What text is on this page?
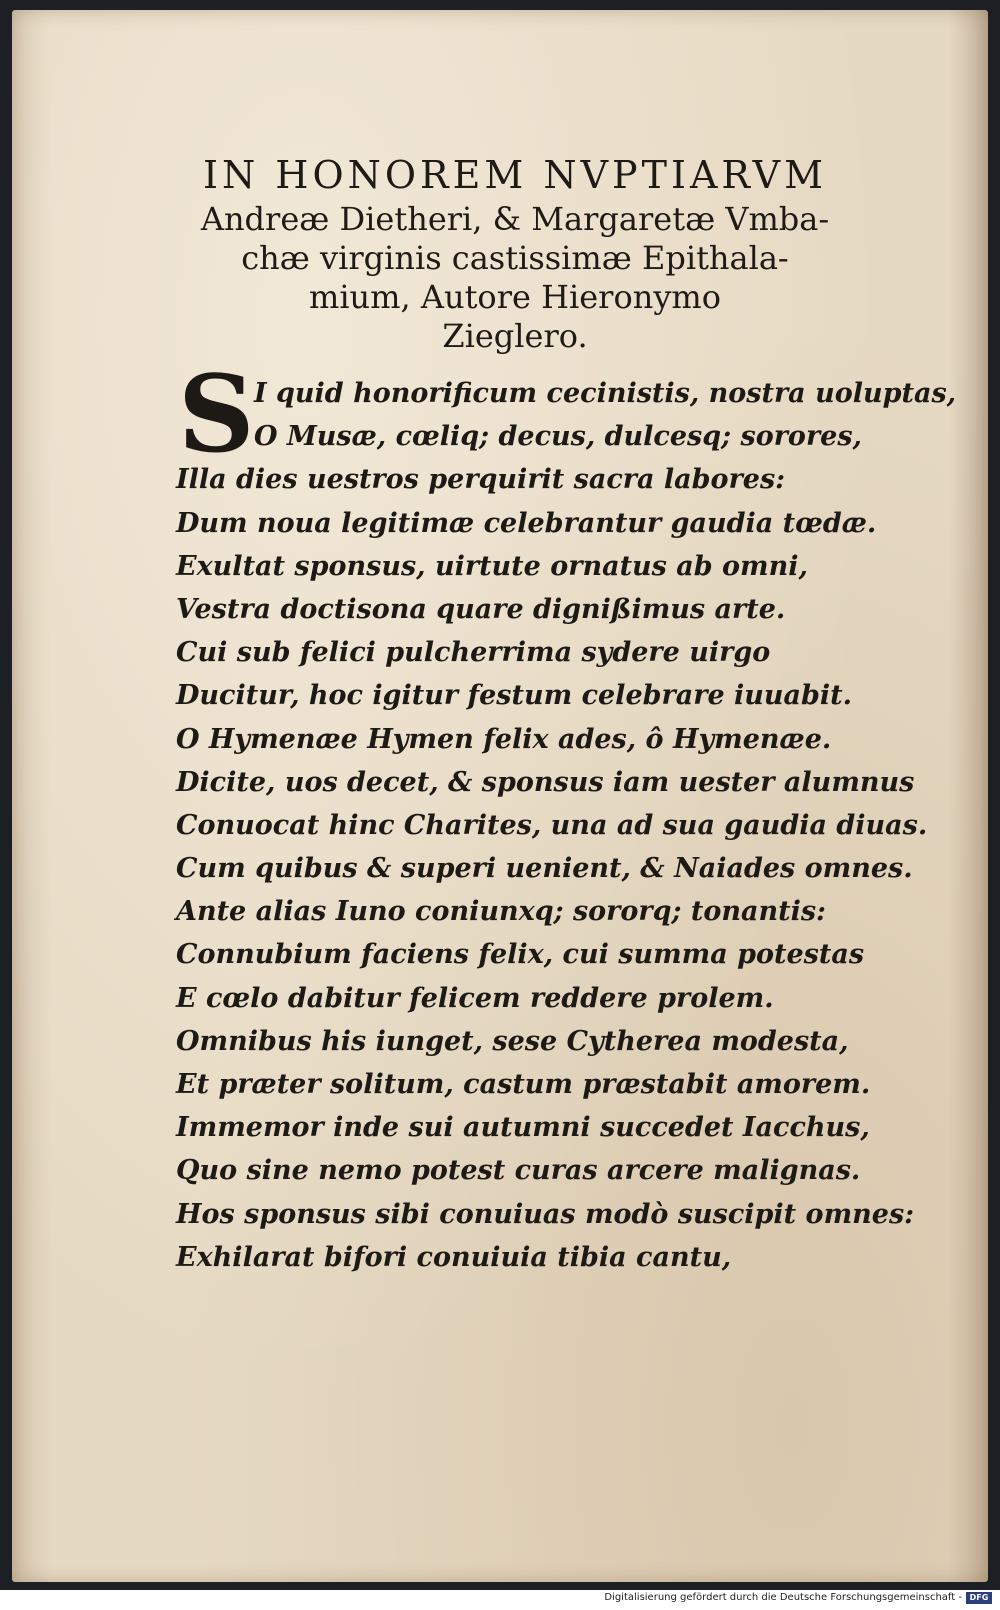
IN HONOREM NVPTIARVM
Andreæ Dietheri, & Margaretæ Vmba-
chæ virginis castissimæ Epithala-
mium, Autore Hieronymo
Zieglero.
S I quid honorificum cecinistis, nostra uoluptas,
O Musæ, cœliq; decus, dulcesq; sorores,
Illa dies uestros perquirit sacra labores:
Dum noua legitimæ celebrantur gaudia tœdæ.
Exultat sponsus, uirtute ornatus ab omni,
Vestra doctisona quare dignißimus arte.
Cui sub felici pulcherrima sydere uirgo
Ducitur, hoc igitur festum celebrare iuuabit.
O Hymenæe Hymen felix ades, ô Hymenæe.
Dicite, uos decet, & sponsus iam uester alumnus
Conuocat hinc Charites, una ad sua gaudia diuas.
Cum quibus & superi uenient, & Naiades omnes.
Ante alias Iuno coniunxq; sororq; tonantis:
Connubium faciens felix, cui summa potestas
E cœlo dabitur felicem reddere prolem.
Omnibus his iunget, sese Cytherea modesta,
Et præter solitum, castum præstabit amorem.
Immemor inde sui autumni succedet Iacchus,
Quo sine nemo potest curas arcere malignas.
Hos sponsus sibi conuiuas modò suscipit omnes:
Exhilarat bifori conuiuia tibia cantu,
Digitalisierung gefördert durch die Deutsche Forschungsgemeinschaft - DFG
